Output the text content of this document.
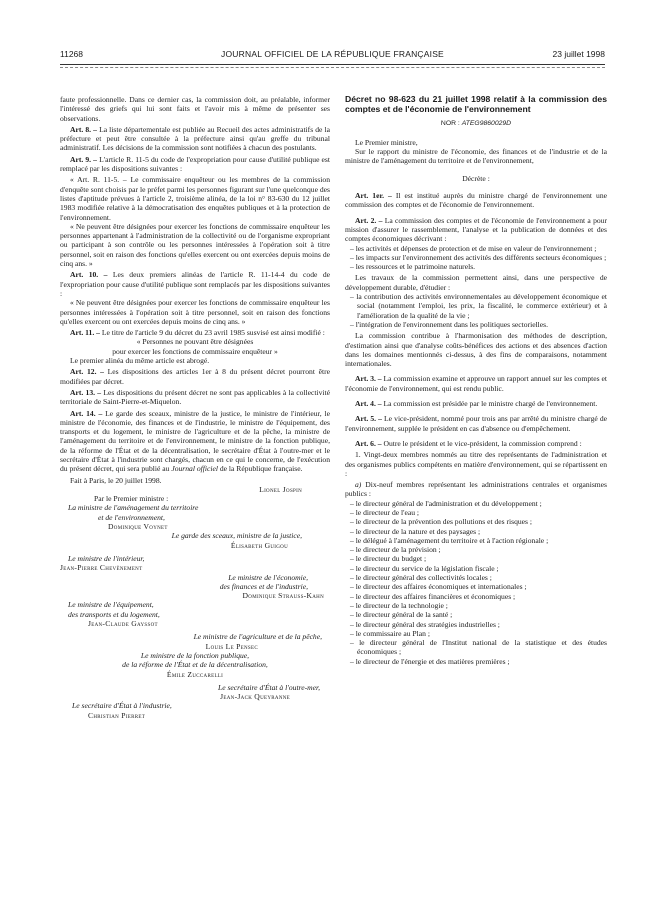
11268	JOURNAL OFFICIEL DE LA RÉPUBLIQUE FRANÇAISE	23 juillet 1998

faute professionnelle. Dans ce dernier cas, la commission doit, au préalable, informer l'intéressé des griefs qui lui sont faits et l'avoir mis à même de présenter ses observations.

Art. 8. – La liste départementale est publiée au Recueil des actes administratifs de la préfecture et peut être consultée à la préfecture ainsi qu'au greffe du tribunal administratif. Les décisions de la commission sont notifiées à chacun des postulants.

Art. 9. – L'article R. 11-5 du code de l'expropriation pour cause d'utilité publique est remplacé par les dispositions suivantes :

« Art. R. 11-5. – Le commissaire enquêteur ou les membres de la commission d'enquête sont choisis par le préfet parmi les personnes figurant sur l'une quelconque des listes d'aptitude prévues à l'article 2, troisième alinéa, de la loi n° 83-630 du 12 juillet 1983 modifiée relative à la démocratisation des enquêtes publiques et à la protection de l'environnement.

« Ne peuvent être désignées pour exercer les fonctions de commissaire enquêteur les personnes appartenant à l'administration de la collectivité ou de l'organisme expropriant ou participant à son contrôle ou les personnes intéressées à l'opération soit à titre personnel, soit en raison des fonctions qu'elles exercent ou ont exercées depuis moins de cinq ans. »

Art. 10. – Les deux premiers alinéas de l'article R. 11-14-4 du code de l'expropriation pour cause d'utilité publique sont remplacés par les dispositions suivantes :

« Ne peuvent être désignées pour exercer les fonctions de commissaire enquêteur les personnes intéressées à l'opération soit à titre personnel, soit en raison des fonctions qu'elles exercent ou ont exercées depuis moins de cinq ans. »

Art. 11. – Le titre de l'article 9 du décret du 23 avril 1985 susvisé est ainsi modifié :

« Personnes ne pouvant être désignées

pour exercer les fonctions de commissaire enquêteur »

Le premier alinéa du même article est abrogé.

Art. 12. – Les dispositions des articles 1er à 8 du présent décret pourront être modifiées par décret.

Art. 13. – Les dispositions du présent décret ne sont pas applicables à la collectivité territoriale de Saint-Pierre-et-Miquelon.

Art. 14. – Le garde des sceaux, ministre de la justice, le ministre de l'intérieur, le ministre de l'économie, des finances et de l'industrie, le ministre de l'équipement, des transports et du logement, le ministre de l'agriculture et de la pêche, la ministre de l'aménagement du territoire et de l'environnement, le ministre de la fonction publique, de la réforme de l'État et de la décentralisation, le secrétaire d'État à l'outre-mer et le secrétaire d'État à l'industrie sont chargés, chacun en ce qui le concerne, de l'exécution du présent décret, qui sera publié au Journal officiel de la République française.

Fait à Paris, le 20 juillet 1998.

Lionel Jospin

Par le Premier ministre :

La ministre de l'aménagement du territoire

et de l'environnement,

Dominique Voynet

Le garde des sceaux, ministre de la justice,

Élisabeth Guigou

Le ministre de l'intérieur,

Jean-Pierre Chevènement

Le ministre de l'économie,

des finances et de l'industrie,

Dominique Strauss-Kahn

Le ministre de l'équipement,

des transports et du logement,

Jean-Claude Gayssot

Le ministre de l'agriculture et de la pêche,

Louis Le Pensec

Le ministre de la fonction publique,

de la réforme de l'État et de la décentralisation,

Émile Zuccarelli

Le secrétaire d'État à l'outre-mer,

Jean-Jack Queyranne

Le secrétaire d'État à l'industrie,

Christian Pierret

Décret no 98-623 du 21 juillet 1998 relatif à la commission des comptes et de l'économie de l'environnement

NOR : ATEG9860029D

Le Premier ministre,

Sur le rapport du ministre de l'économie, des finances et de l'industrie et de la ministre de l'aménagement du territoire et de l'environnement,

Décrète :

Art. 1er. – Il est institué auprès du ministre chargé de l'environnement une commission des comptes et de l'économie de l'environnement.

Art. 2. – La commission des comptes et de l'économie de l'environnement a pour mission d'assurer le rassemblement, l'analyse et la publication de données et des comptes économiques décrivant :

– les activités et dépenses de protection et de mise en valeur de l'environnement ;

– les impacts sur l'environnement des activités des différents secteurs économiques ;

– les ressources et le patrimoine naturels.

Les travaux de la commission permettent ainsi, dans une perspective de développement durable, d'étudier :

– la contribution des activités environnementales au développement économique et social (notamment l'emploi, les prix, la fiscalité, le commerce extérieur) et à l'amélioration de la qualité de la vie ;

– l'intégration de l'environnement dans les politiques sectorielles.

La commission contribue à l'harmonisation des méthodes de description, d'estimation ainsi que d'analyse coûts-bénéfices des actions et des absences d'action dans les domaines mentionnés ci-dessus, à des fins de comparaisons, notamment internationales.

Art. 3. – La commission examine et approuve un rapport annuel sur les comptes et l'économie de l'environnement, qui est rendu public.

Art. 4. – La commission est présidée par le ministre chargé de l'environnement.

Art. 5. – Le vice-président, nommé pour trois ans par arrêté du ministre chargé de l'environnement, supplée le président en cas d'absence ou d'empêchement.

Art. 6. – Outre le président et le vice-président, la commission comprend :

1. Vingt-deux membres nommés au titre des représentants de l'administration et des organismes publics compétents en matière d'environnement, qui se répartissent en :

a) Dix-neuf membres représentant les administrations centrales et organismes publics :

– le directeur général de l'administration et du développement ;

– le directeur de l'eau ;

– le directeur de la prévention des pollutions et des risques ;

– le directeur de la nature et des paysages ;

– le délégué à l'aménagement du territoire et à l'action régionale ;

– le directeur de la prévision ;

– le directeur du budget ;

– le directeur du service de la législation fiscale ;

– le directeur général des collectivités locales ;

– le directeur des affaires économiques et internationales ;

– le directeur des affaires financières et économiques ;

– le directeur de la technologie ;

– le directeur général de la santé ;

– le directeur général des stratégies industrielles ;

– le commissaire au Plan ;

– le directeur général de l'Institut national de la statistique et des études économiques ;

– le directeur de l'énergie et des matières premières ;
